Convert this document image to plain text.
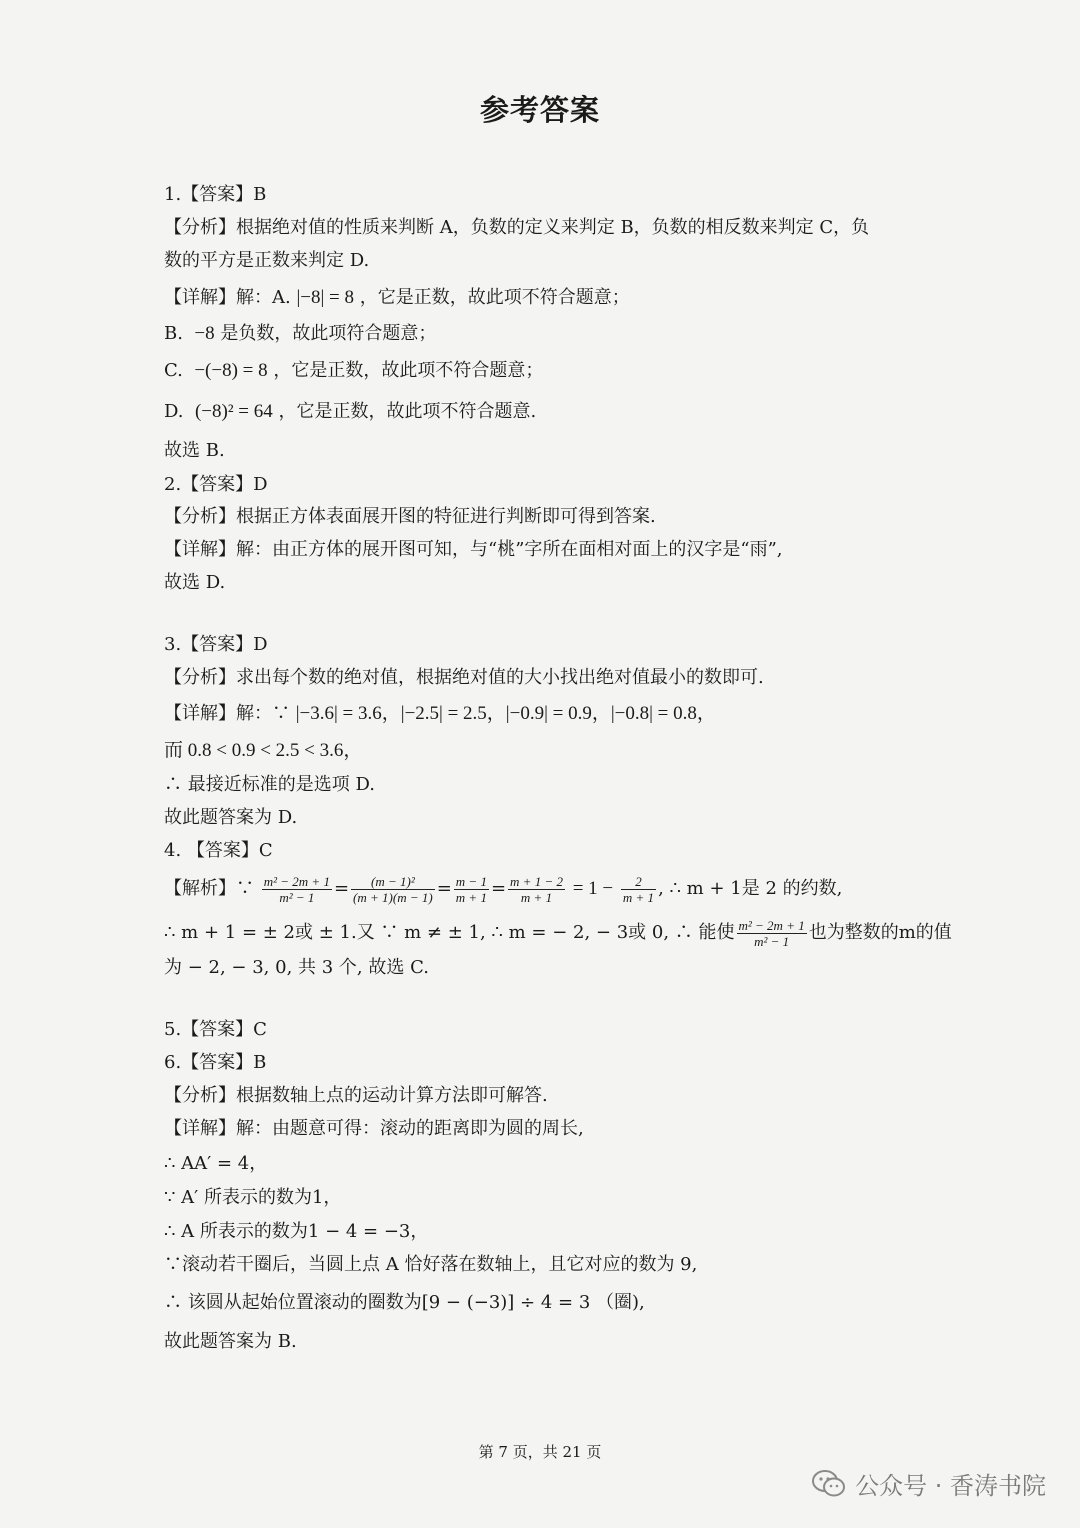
参考答案
1.【答案】B
【分析】根据绝对值的性质来判断 A，负数的定义来判定 B，负数的相反数来判定 C，负
数的平方是正数来判定 D.
【详解】解：A. |−8| = 8 ，它是正数，故此项不符合题意；
B. −8 是负数，故此项符合题意；
C. −(−8) = 8 ，它是正数，故此项不符合题意；
D. (−8)² = 64 ，它是正数，故此项不符合题意.
故选 B.
2.【答案】D
【分析】根据正方体表面展开图的特征进行判断即可得到答案.
【详解】解：由正方体的展开图可知，与“桃”字所在面相对面上的汉字是“雨”,
故选 D.
3.【答案】D
【分析】求出每个数的绝对值，根据绝对值的大小找出绝对值最小的数即可.
【详解】解：∵ |−3.6| = 3.6，|−2.5| = 2.5，|−0.9| = 0.9，|−0.8| = 0.8，
而 0.8 < 0.9 < 2.5 < 3.6，
∴ 最接近标准的是选项 D.
故此题答案为 D.
4. 【答案】C
【解析】∵ $\frac{\text{m² − 2m + 1}}{\text{m² − 1}} = \frac{\text{(m − 1)²}}{(m + 1)(m - 1)} = \frac{m - 1}{m + 1} = \frac{m + 1 - 2}{m + 1} = 1 - \frac{2}{m + 1}$ , ∴ m + 1是 2 的约数,
∴ m + 1 = ± 2或 ± 1.又 ∵ m ≠ ± 1, ∴ m = − 2, − 3或 0, ∴ 能使 $\frac{\text{m² − 2m + 1}}{\text{m² − 1}}$ 也为整数的m的值
为 − 2, − 3, 0, 共 3 个, 故选 C.
5.【答案】C
6.【答案】B
【分析】根据数轴上点的运动计算方法即可解答.
【详解】解：由题意可得：滚动的距离即为圆的周长,
∴ AA′ = 4，
∵ A′ 所表示的数为1，
∴ A 所表示的数为1 − 4 = −3，
∵滚动若干圈后，当圆上点 A 恰好落在数轴上，且它对应的数为 9,
∴ 该圆从起始位置滚动的圈数为[9 − (−3)] ÷ 4 = 3 （圈),
故此题答案为 B.
第 7 页，共 21 页
公众号 · 香涛书院
